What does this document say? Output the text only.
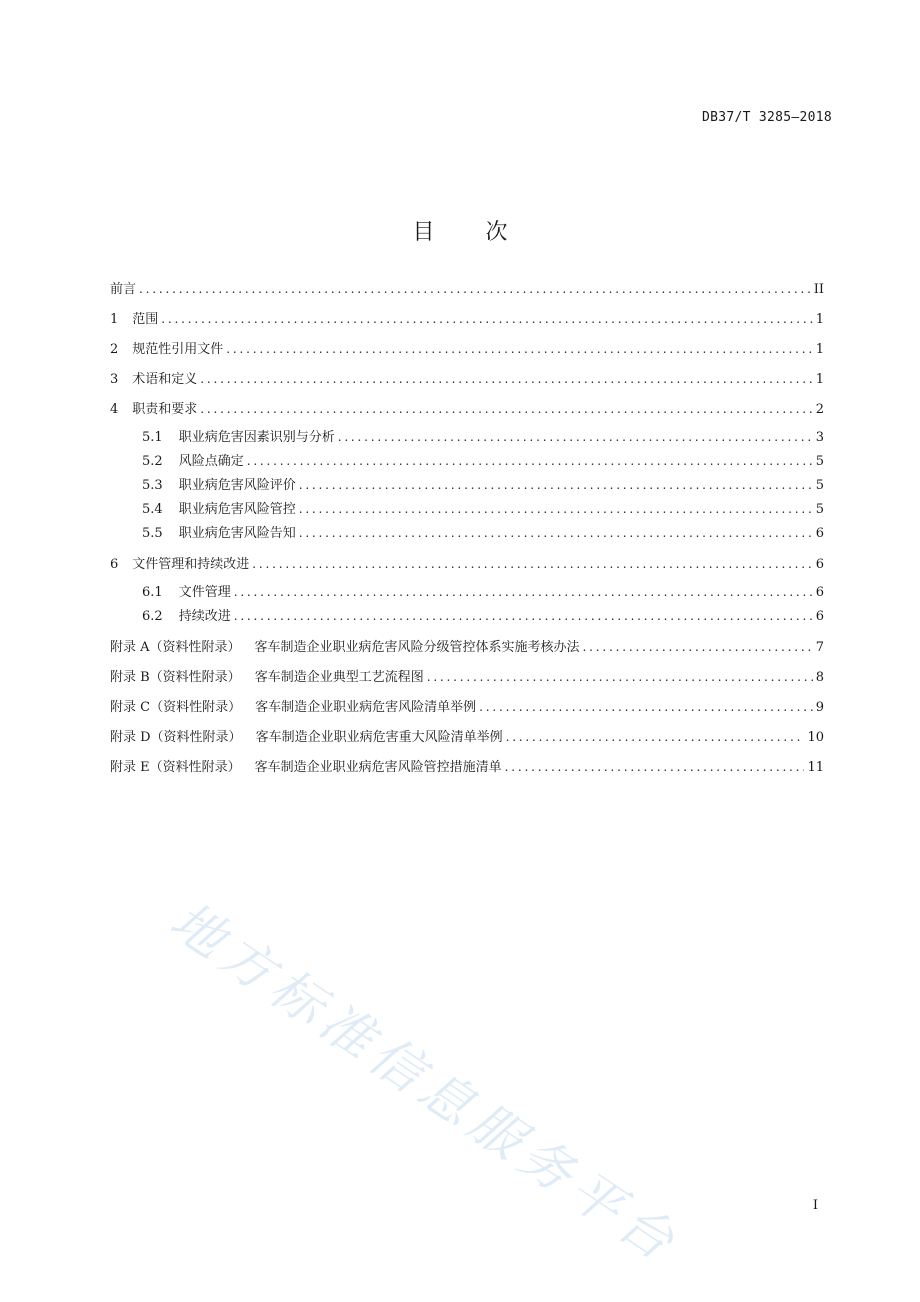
DB37/T 3285—2018
目 次
前言 .....	II
1 范围 .....	1
2 规范性引用文件 .....	1
3 术语和定义 .....	1
4 职责和要求 .....	2
5.1 职业病危害因素识别与分析 .....	3
5.2 风险点确定 .....	5
5.3 职业病危害风险评价 .....	5
5.4 职业病危害风险管控 .....	5
5.5 职业病危害风险告知 .....	6
6 文件管理和持续改进 .....	6
6.1 文件管理 .....	6
6.2 持续改进 .....	6
附录 A（资料性附录） 客车制造企业职业病危害风险分级管控体系实施考核办法 .....	7
附录 B（资料性附录） 客车制造企业典型工艺流程图 .....	8
附录 C（资料性附录） 客车制造企业职业病危害风险清单举例 .....	9
附录 D（资料性附录） 客车制造企业职业病危害重大风险清单举例 .....	10
附录 E（资料性附录） 客车制造企业职业病危害风险管控措施清单 .....	11
地方标准信息服务平台	I
